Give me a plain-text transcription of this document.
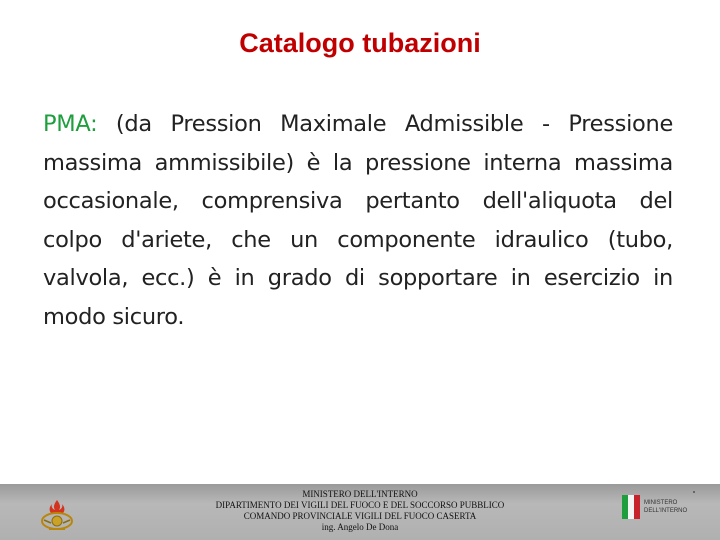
Catalogo tubazioni

PMA: (da Pression Maximale Admissible - Pressione massima ammissibile) è la pressione interna massima occasionale, comprensiva pertanto dell'aliquota del colpo d'ariete, che un componente idraulico (tubo, valvola, ecc.) è in grado di sopportare in esercizio in modo sicuro.

MINISTERO DELL'INTERNO
DIPARTIMENTO DEI VIGILI DEL FUOCO E DEL SOCCORSO PUBBLICO
COMANDO PROVINCIALE VIGILI DEL FUOCO CASERTA
ing. Angelo De Dona
MINISTERO
DELL'INTERNO
